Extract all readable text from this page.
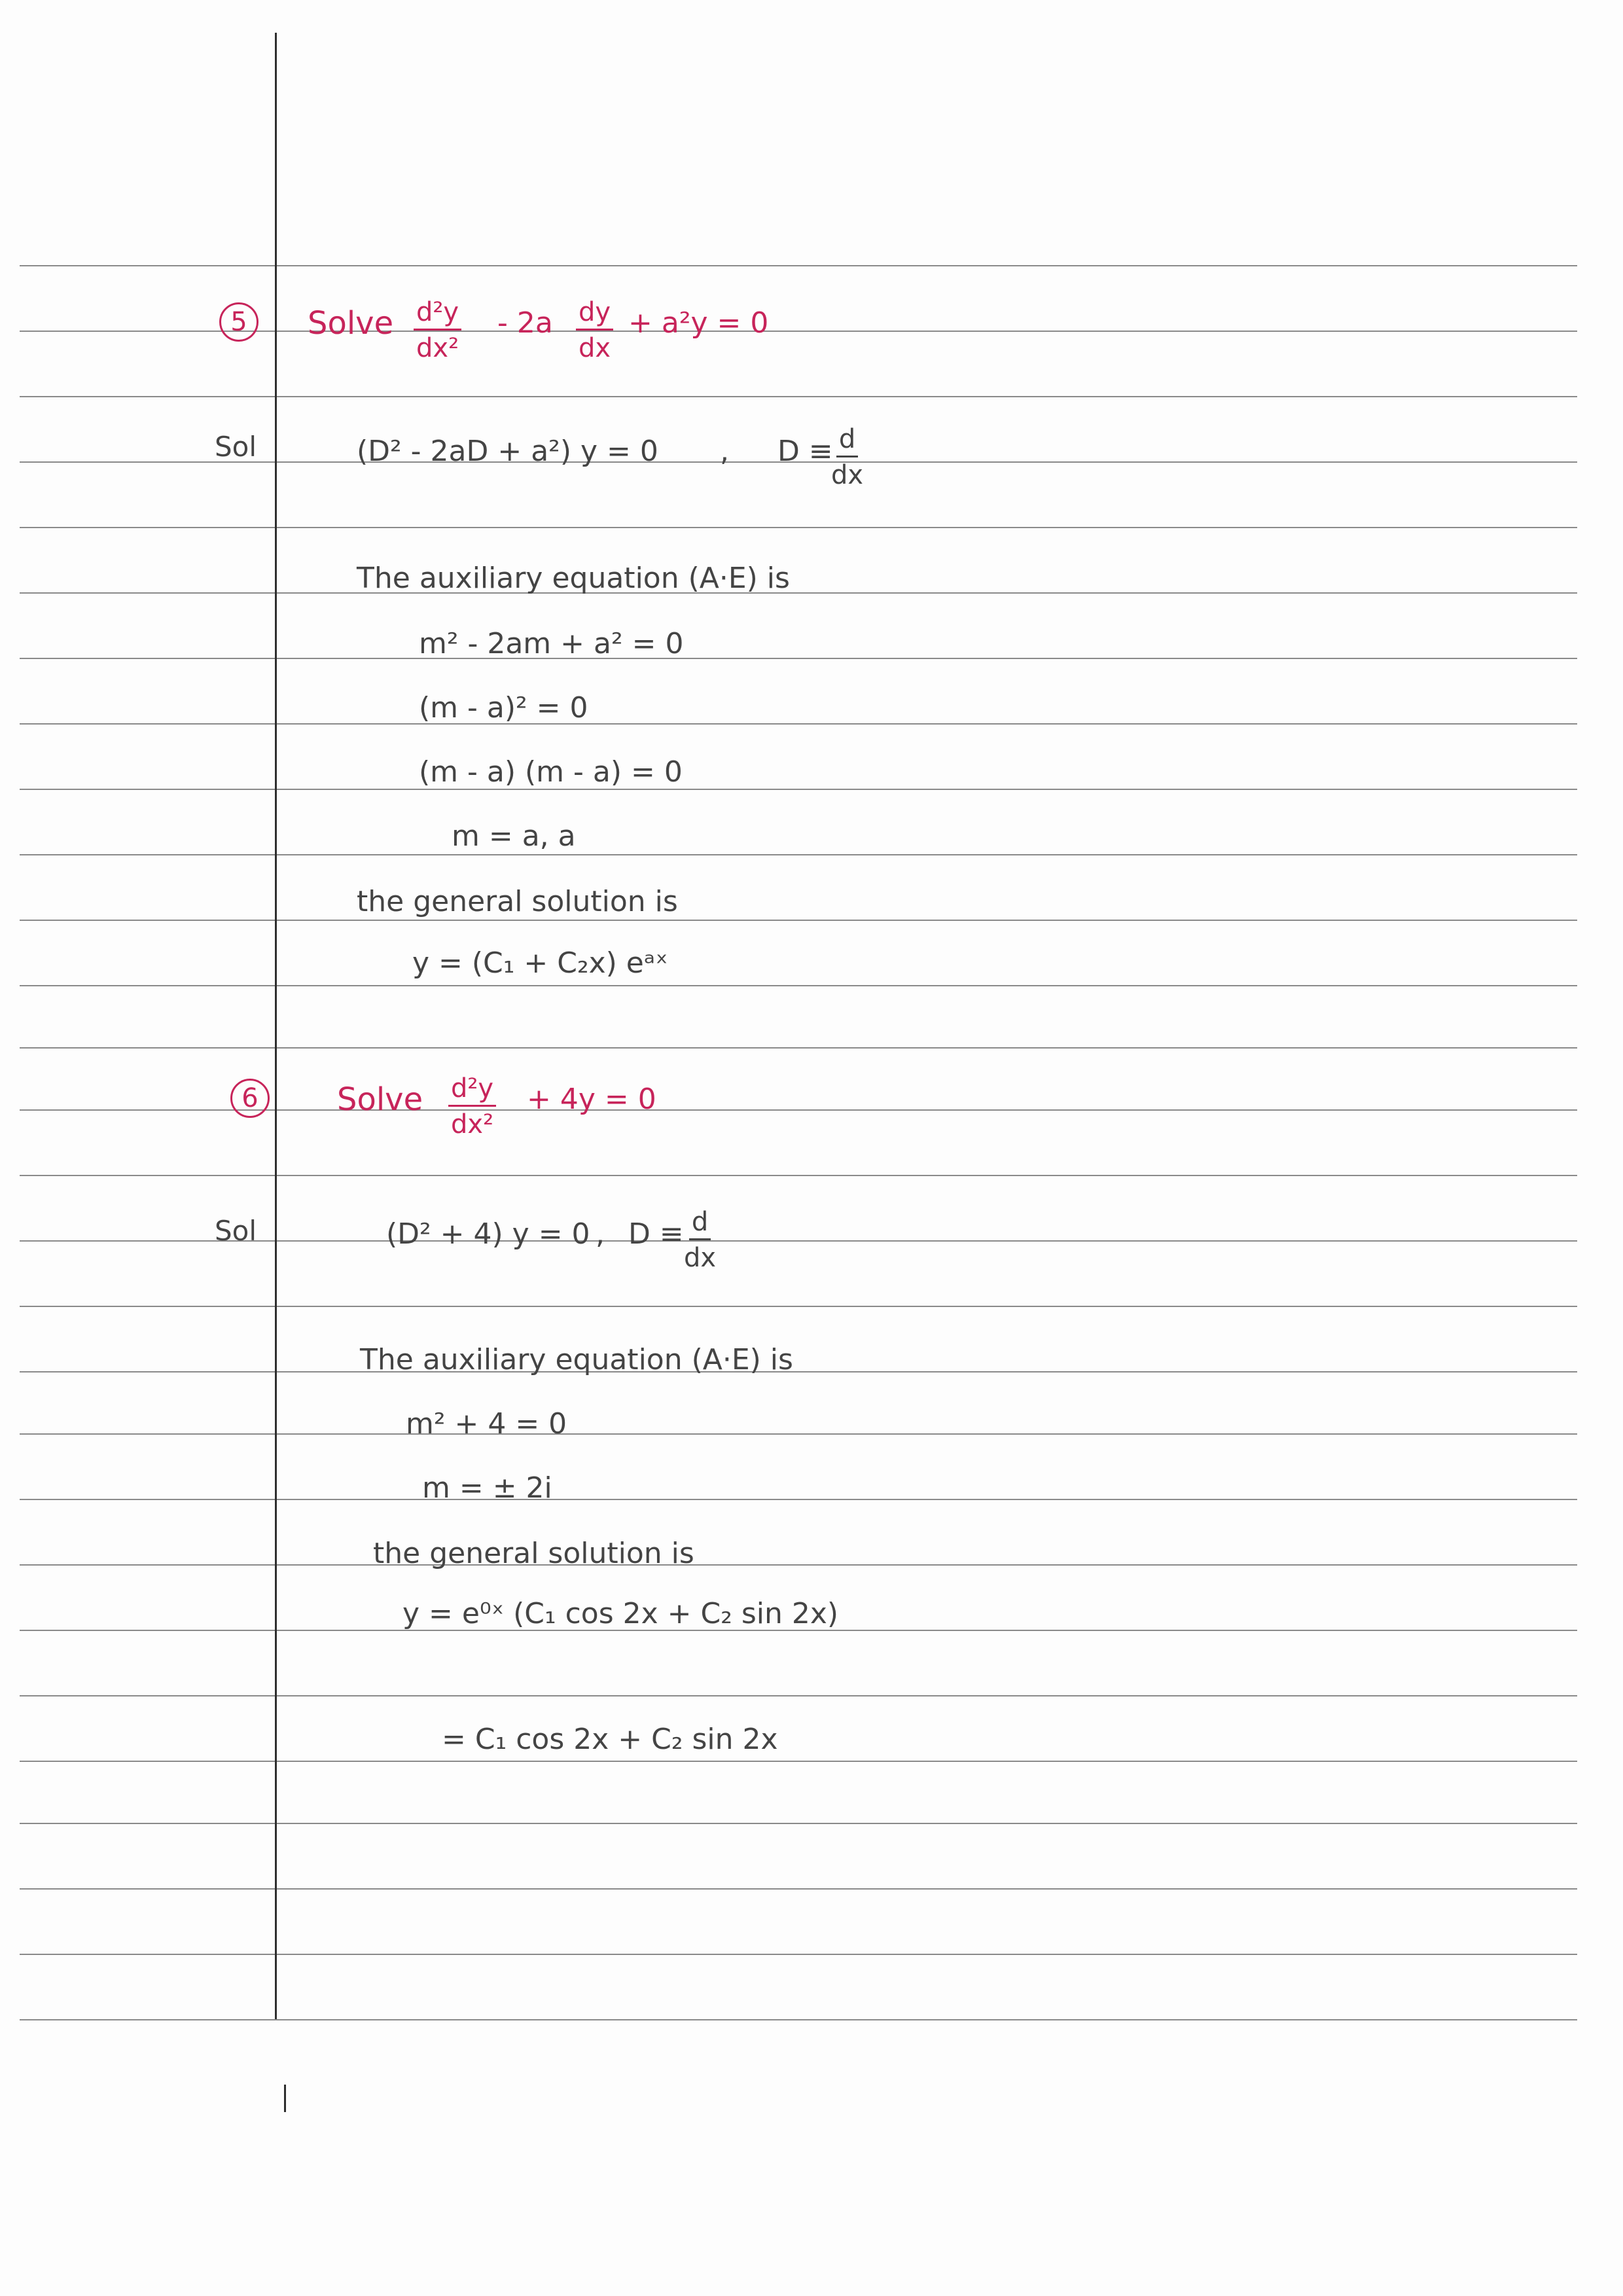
5	Solve $\frac{\text{d²y}}{\text{dx²}} - 2a \frac{dy}{dx} + a^2y = 0$
Sol	(D² - 2aD + a²) y = 0 , D ≡
$\frac{d}{dx}$
The auxiliary equation (A·E) is
m² - 2am + a² = 0
(m - a)² = 0
(m - a) (m - a) = 0
m = a, a
the general solution is
y = (C₁ + C₂x) eᵃˣ
6	Solve $\frac{\text{d²y}}{\text{dx²}} + 4y = 0$
Sol	(D² + 4) y = 0 , $D \equiv \frac{d}{dx}$
The auxiliary equation (A·E) is
m² + 4 = 0
m = ± 2i
the general solution is
y = e⁰ˣ (C₁ cos 2x + C₂ sin 2x)
= C₁ cos 2x + C₂ sin 2x
